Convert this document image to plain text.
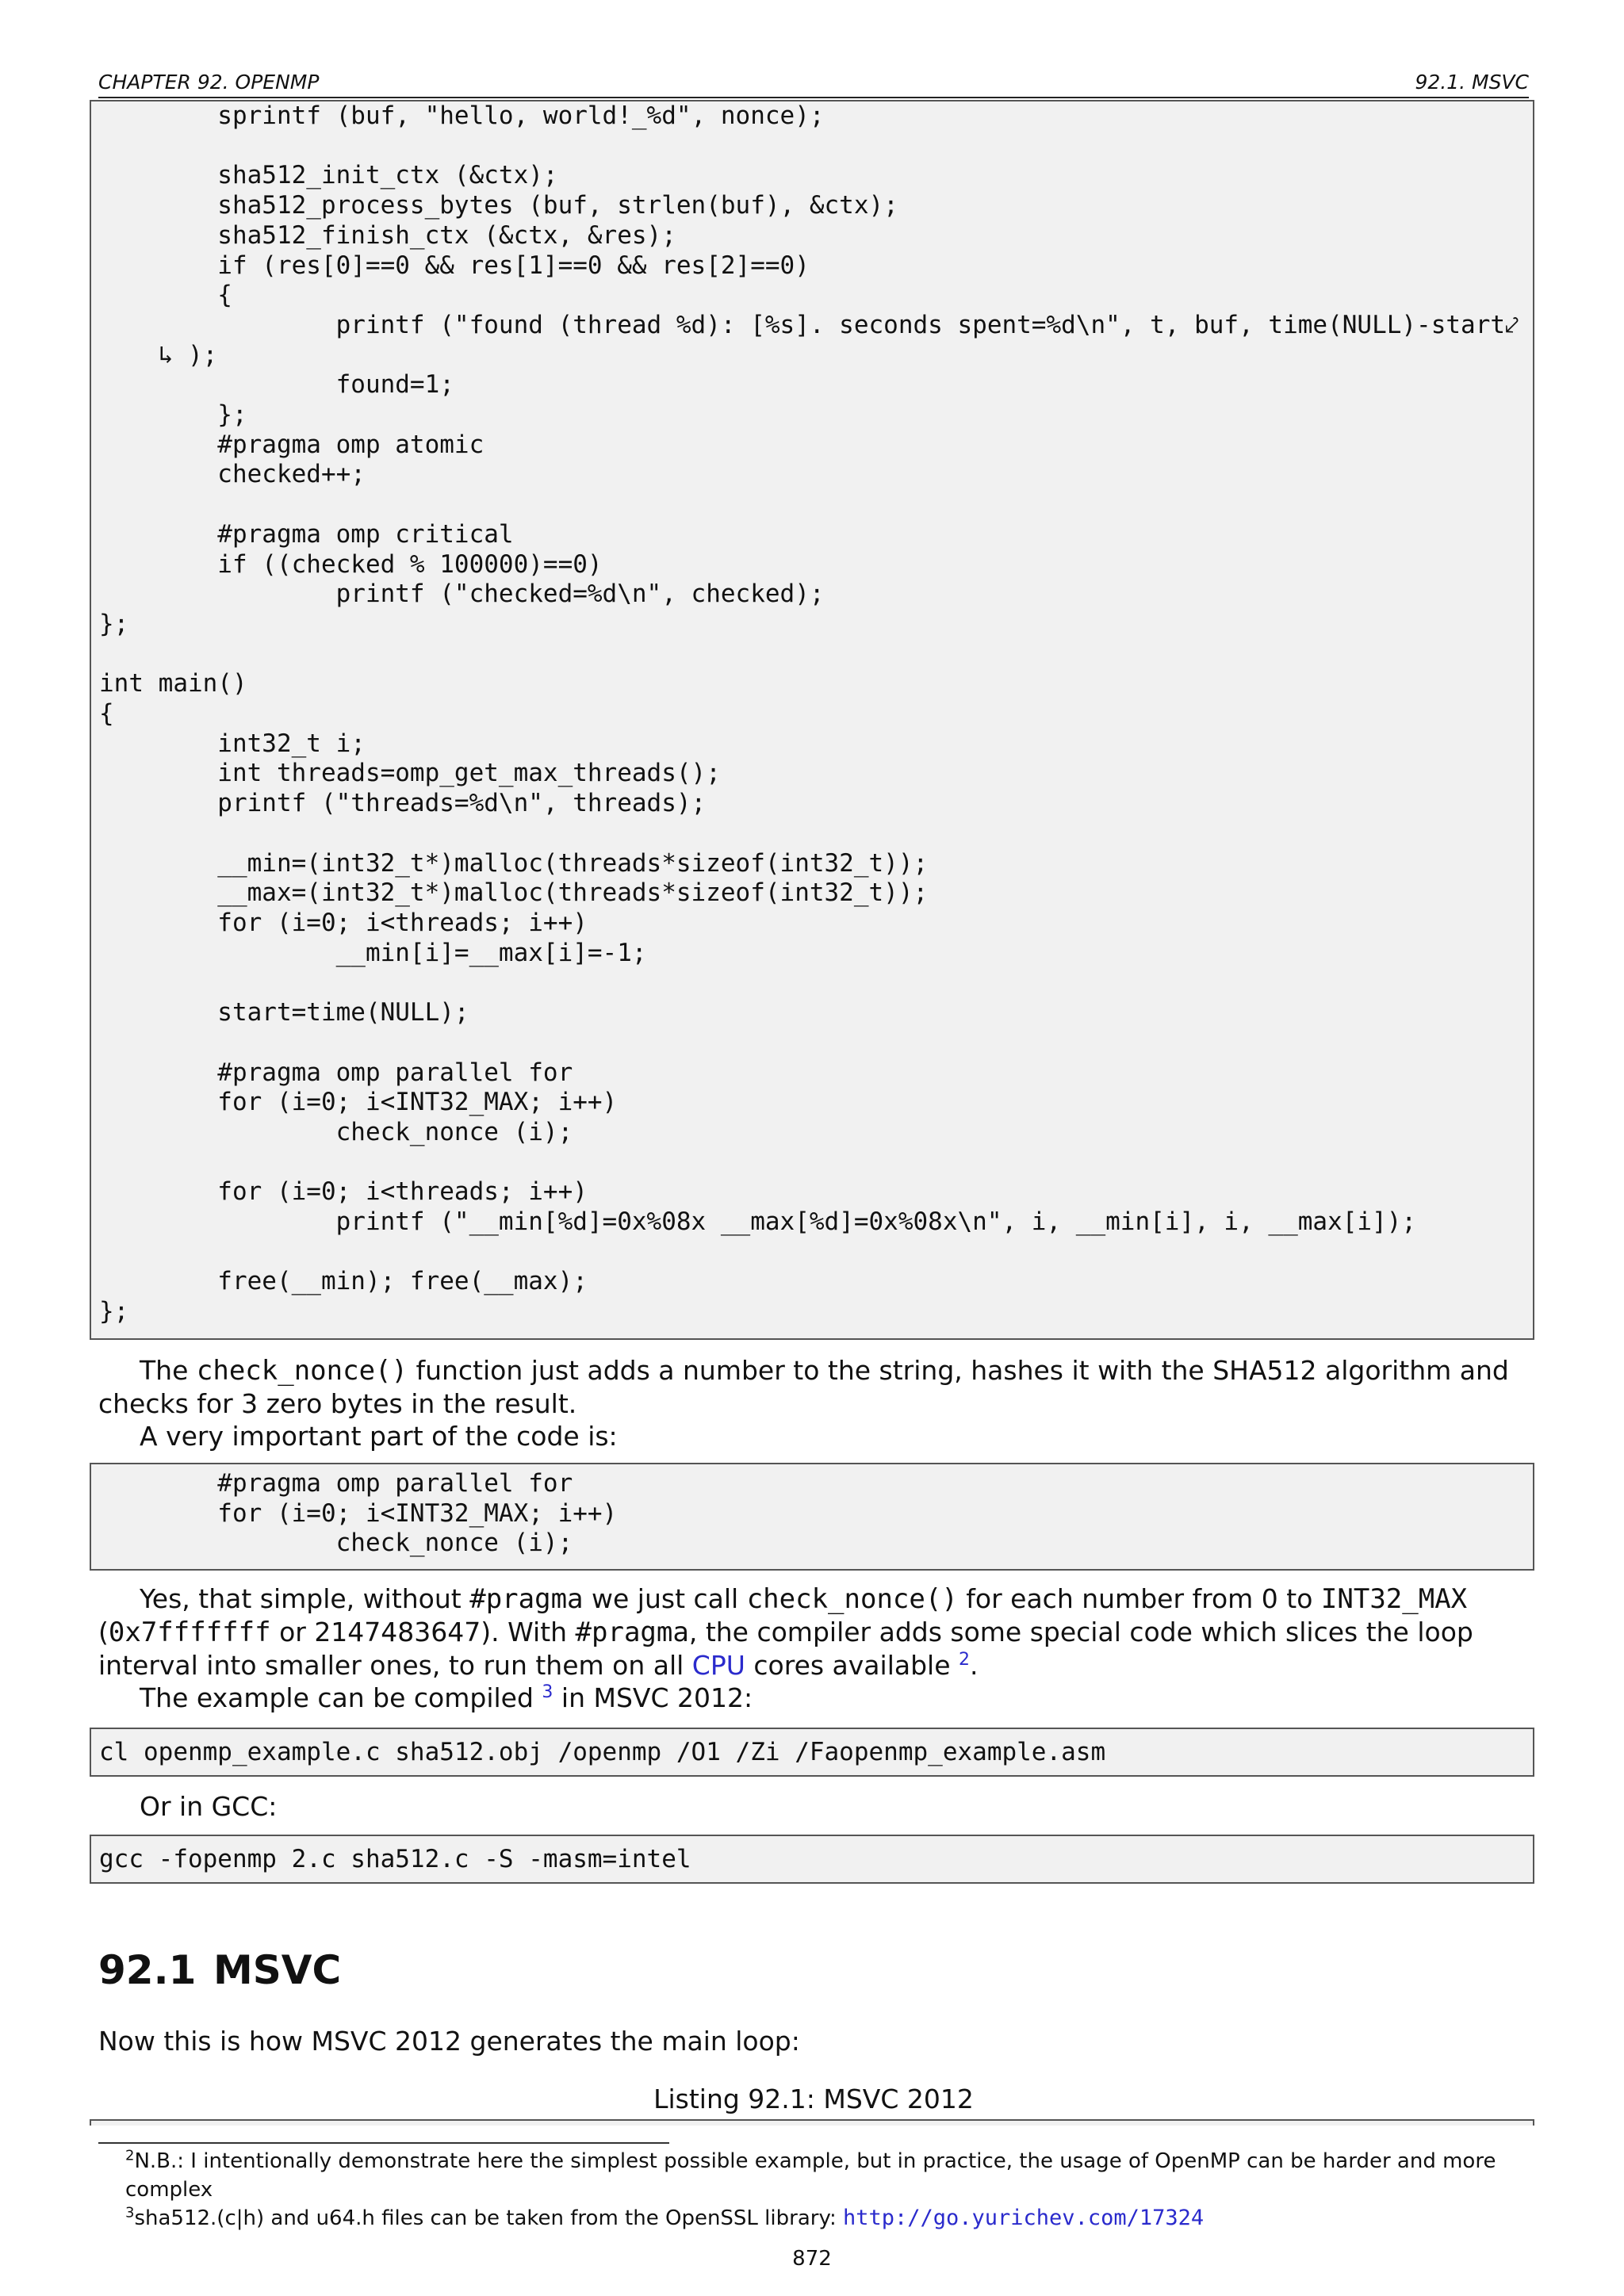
CHAPTER 92. OPENMP	92.1. MSVC
sprintf (buf, "hello, world!_%d", nonce);

sha512_init_ctx (&ctx);
sha512_process_bytes (buf, strlen(buf), &ctx);
sha512_finish_ctx (&ctx, &res);
if (res[0]==0 && res[1]==0 && res[2]==0)
{
printf ("found (thread %d): [%s]. seconds spent=%d\n", t, buf, time(NULL)-start⤦
↳ );
found=1;
};
#pragma omp atomic
checked++;

#pragma omp critical
if ((checked % 100000)==0)
printf ("checked=%d\n", checked);
};

int main()
{
int32_t i;
int threads=omp_get_max_threads();
printf ("threads=%d\n", threads);

__min=(int32_t*)malloc(threads*sizeof(int32_t));
__max=(int32_t*)malloc(threads*sizeof(int32_t));
for (i=0; i<threads; i++)
__min[i]=__max[i]=-1;

start=time(NULL);

#pragma omp parallel for
for (i=0; i<INT32_MAX; i++)
check_nonce (i);

for (i=0; i<threads; i++)
printf ("__min[%d]=0x%08x __max[%d]=0x%08x\n", i, __min[i], i, __max[i]);

free(__min); free(__max);
};

The check_nonce() function just adds a number to the string, hashes it with the SHA512 algorithm and checks for 3 zero bytes in the result.

A very important part of the code is:

#pragma omp parallel for
for (i=0; i<INT32_MAX; i++)
check_nonce (i);

Yes, that simple, without #pragma we just call check_nonce() for each number from 0 to INT32_MAX (0x7fffffff or 2147483647). With #pragma, the compiler adds some special code which slices the loop interval into smaller ones, to run them on all CPU cores available $^2$.

The example can be compiled $^3$ in MSVC 2012:

cl openmp_example.c sha512.obj /openmp /O1 /Zi /Faopenmp_example.asm

Or in GCC:

gcc -fopenmp 2.c sha512.c -S -masm=intel
92.1 MSVC

Now this is how MSVC 2012 generates the main loop:

Listing 92.1: MSVC 2012
$^2$N.B.: I intentionally demonstrate here the simplest possible example, but in practice, the usage of OpenMP can be harder and more complex
$^3$sha512.(c|h) and u64.h files can be taken from the OpenSSL library: http://go.yurichev.com/17324
872
